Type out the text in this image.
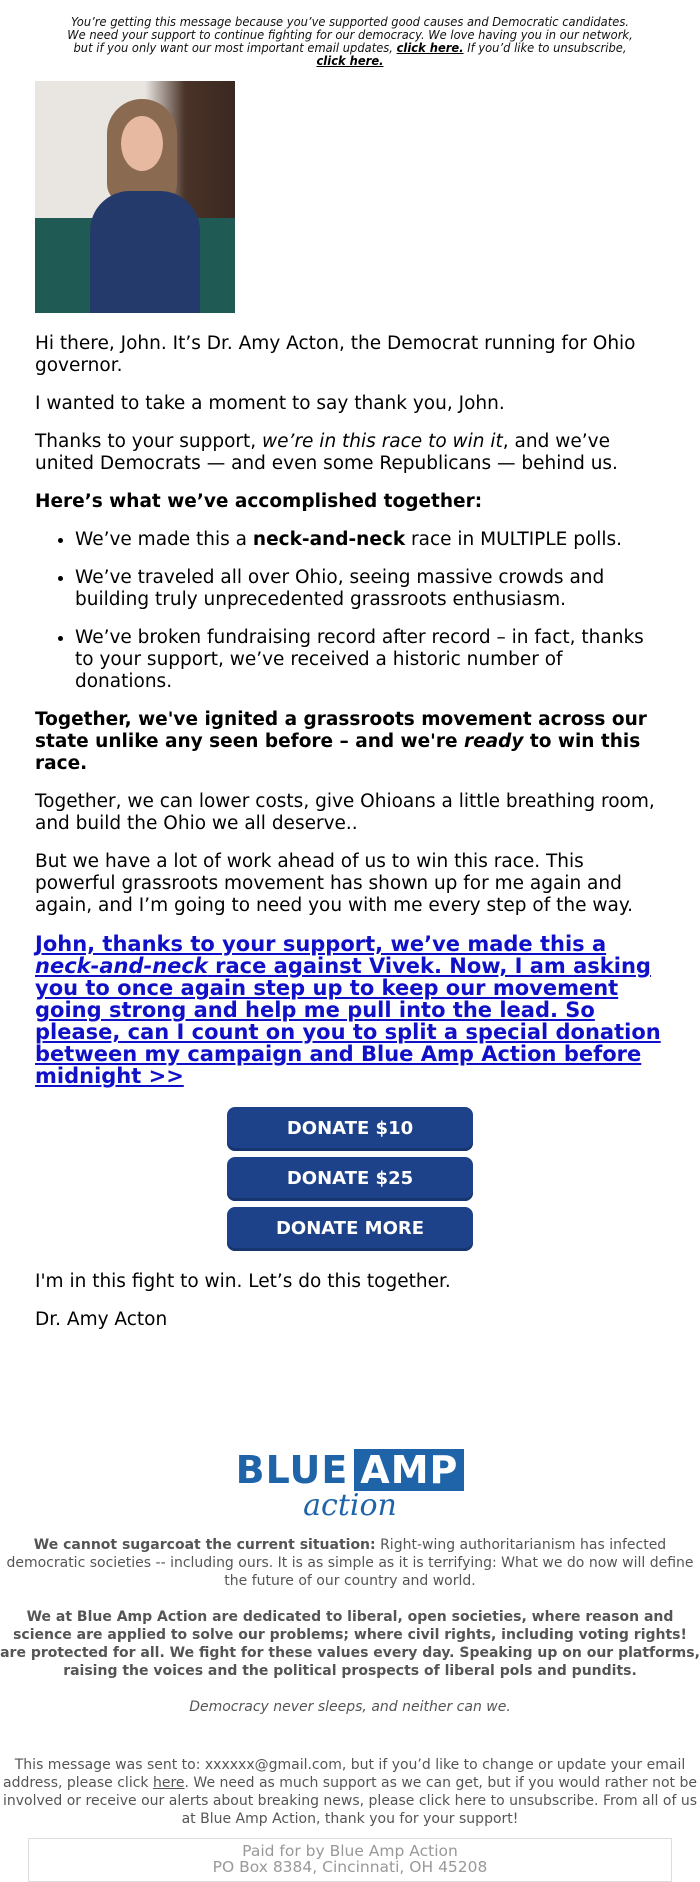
You’re getting this message because you’ve supported good causes and Democratic candidates. We need your support to continue fighting for our democracy. We love having you in our network, but if you only want our most important email updates, click here. If you’d like to unsubscribe, click here.

Hi there, John. It’s Dr. Amy Acton, the Democrat running for Ohio governor.

I wanted to take a moment to say thank you, John.

Thanks to your support, we’re in this race to win it, and we’ve united Democrats — and even some Republicans — behind us.

Here’s what we’ve accomplished together:

• We’ve made this a neck-and-neck race in MULTIPLE polls.
• We’ve traveled all over Ohio, seeing massive crowds and building truly unprecedented grassroots enthusiasm.
• We’ve broken fundraising record after record – in fact, thanks to your support, we’ve received a historic number of donations.

Together, we've ignited a grassroots movement across our state unlike any seen before – and we're ready to win this race.

Together, we can lower costs, give Ohioans a little breathing room, and build the Ohio we all deserve..

But we have a lot of work ahead of us to win this race. This powerful grassroots movement has shown up for me again and again, and I’m going to need you with me every step of the way.

John, thanks to your support, we’ve made this a neck-and-neck race against Vivek. Now, I am asking you to once again step up to keep our movement going strong and help me pull into the lead. So please, can I count on you to split a special donation between my campaign and Blue Amp Action before midnight >>
DONATE $10
DONATE $25
DONATE MORE

I'm in this fight to win. Let’s do this together.

Dr. Amy Acton

BLUE AMP
action

We cannot sugarcoat the current situation: Right-wing authoritarianism has infected democratic societies -- including ours. It is as simple as it is terrifying: What we do now will define the future of our country and world.

We at Blue Amp Action are dedicated to liberal, open societies, where reason and science are applied to solve our problems; where civil rights, including voting rights! are protected for all. We fight for these values every day. Speaking up on our platforms, raising the voices and the political prospects of liberal pols and pundits.

Democracy never sleeps, and neither can we.

This message was sent to: xxxxxx@gmail.com, but if you’d like to change or update your email address, please click here. We need as much support as we can get, but if you would rather not be involved or receive our alerts about breaking news, please click here to unsubscribe. From all of us at Blue Amp Action, thank you for your support!

Paid for by Blue Amp Action
PO Box 8384, Cincinnati, OH 45208
